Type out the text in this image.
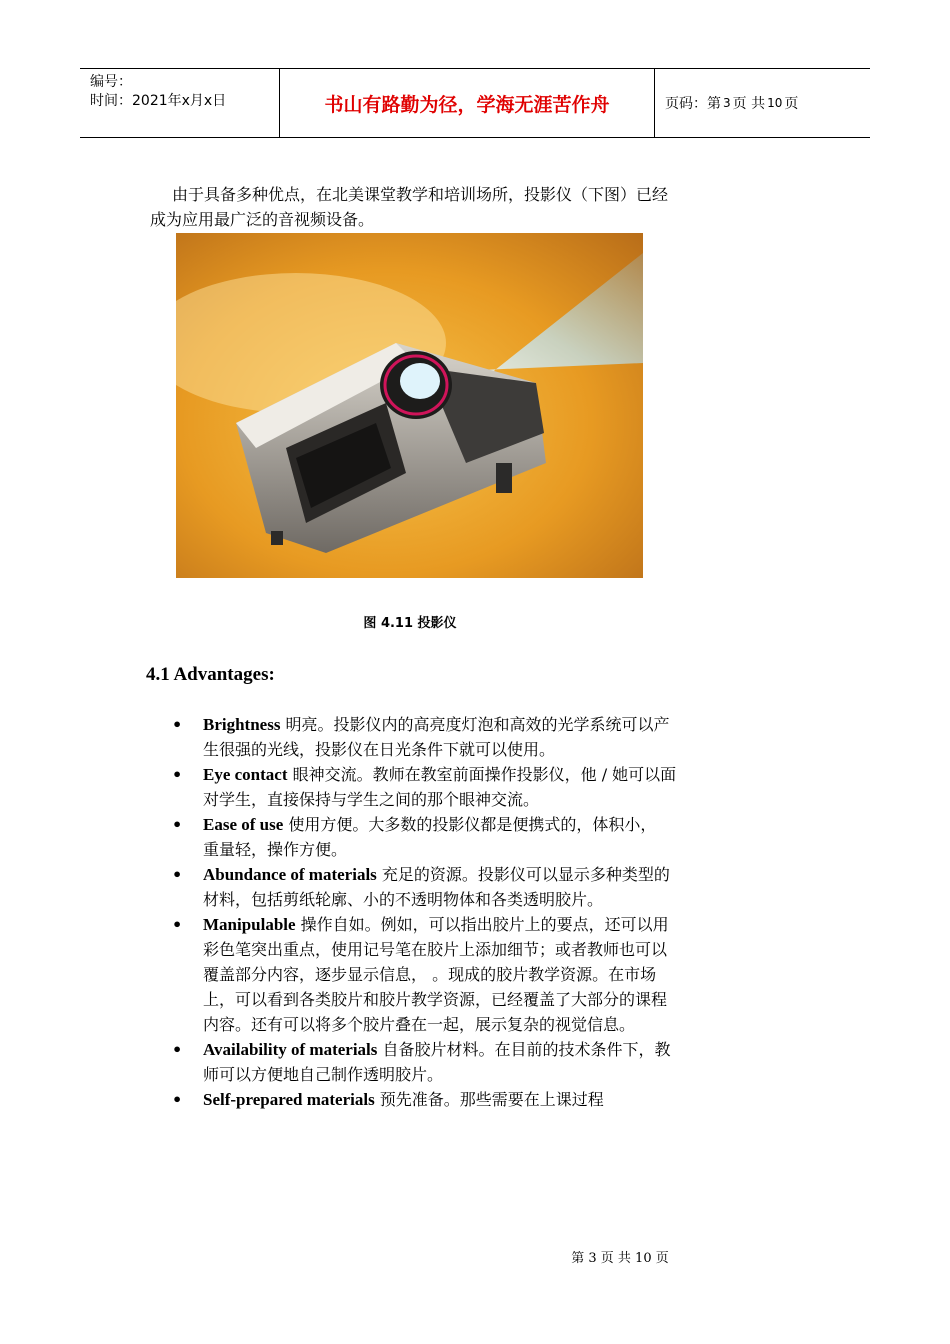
编号：
时间：2021年x月x日	书山有路勤为径，学海无涯苦作舟	页码：第 3 页 共 10 页

由于具备多种优点，在北美课堂教学和培训场所，投影仪（下图）已经成为应用最广泛的音视频设备。

图 4.11 投影仪
4.1 Advantages:
• Brightness 明亮。投影仪内的高亮度灯泡和高效的光学系统可以产生很强的光线，投影仪在日光条件下就可以使用。
• Eye contact 眼神交流。教师在教室前面操作投影仪，他 / 她可以面对学生，直接保持与学生之间的那个眼神交流。
• Ease of use 使用方便。大多数的投影仪都是便携式的，体积小， 重量轻，操作方便。
• Abundance of materials 充足的资源。投影仪可以显示多种类型的材料，包括剪纸轮廓、小的不透明物体和各类透明胶片。
• Manipulable 操作自如。例如，可以指出胶片上的要点，还可以用彩色笔突出重点，使用记号笔在胶片上添加细节；或者教师也可以覆盖部分内容，逐步显示信息， 。现成的胶片教学资源。在市场上，可以看到各类胶片和胶片教学资源，已经覆盖了大部分的课程内容。还有可以将多个胶片叠在一起，展示复杂的视觉信息。
• Availability of materials 自备胶片材料。在目前的技术条件下，教师可以方便地自己制作透明胶片。
• Self-prepared materials 预先准备。那些需要在上课过程
第 3 页 共 10 页
